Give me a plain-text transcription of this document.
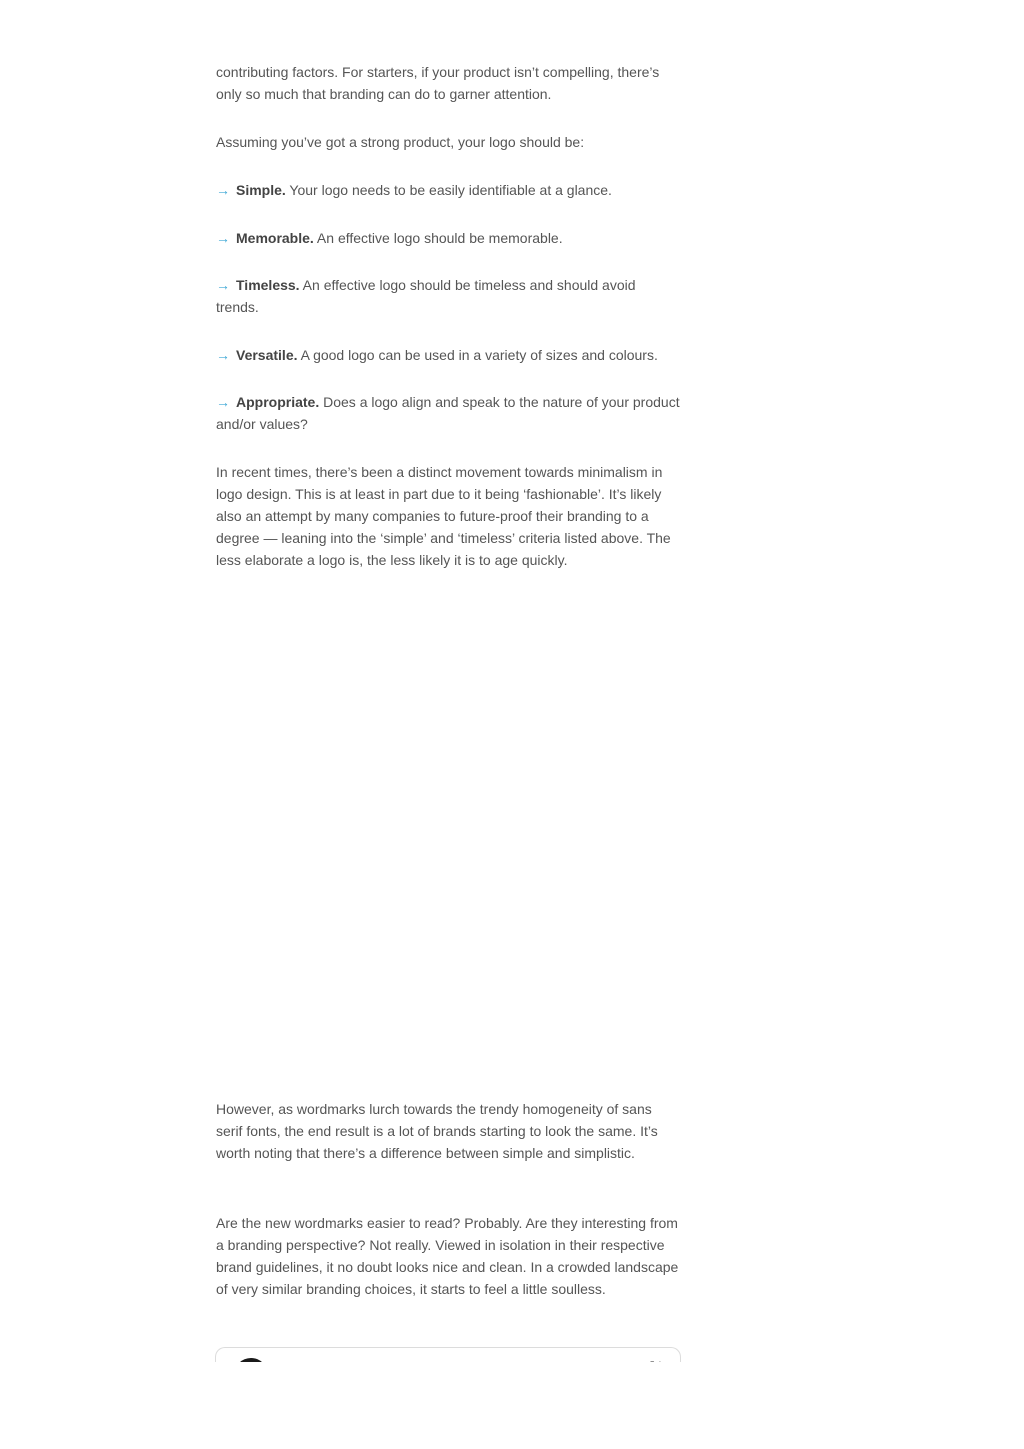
contributing factors. For starters, if your product isn’t compelling, there’s only so much that branding can do to garner attention.

Assuming you’ve got a strong product, your logo should be:

→ Simple. Your logo needs to be easily identifiable at a glance.

→ Memorable. An effective logo should be memorable.

→ Timeless. An effective logo should be timeless and should avoid trends.

→ Versatile. A good logo can be used in a variety of sizes and colours.

→ Appropriate. Does a logo align and speak to the nature of your product and/or values?

In recent times, there’s been a distinct movement towards minimalism in logo design. This is at least in part due to it being ‘fashionable’. It’s likely also an attempt by many companies to future-proof their branding to a degree — leaning into the ‘simple’ and ‘timeless’ criteria listed above. The less elaborate a logo is, the less likely it is to age quickly.

However, as wordmarks lurch towards the trendy homogeneity of sans serif fonts, the end result is a lot of brands starting to look the same. It’s worth noting that there’s a difference between simple and simplistic.

Are the new wordmarks easier to read? Probably. Are they interesting from a branding perspective? Not really. Viewed in isolation in their respective brand guidelines, it no doubt looks nice and clean. In a crowded landscape of very similar branding choices, it starts to feel a little soulless.
